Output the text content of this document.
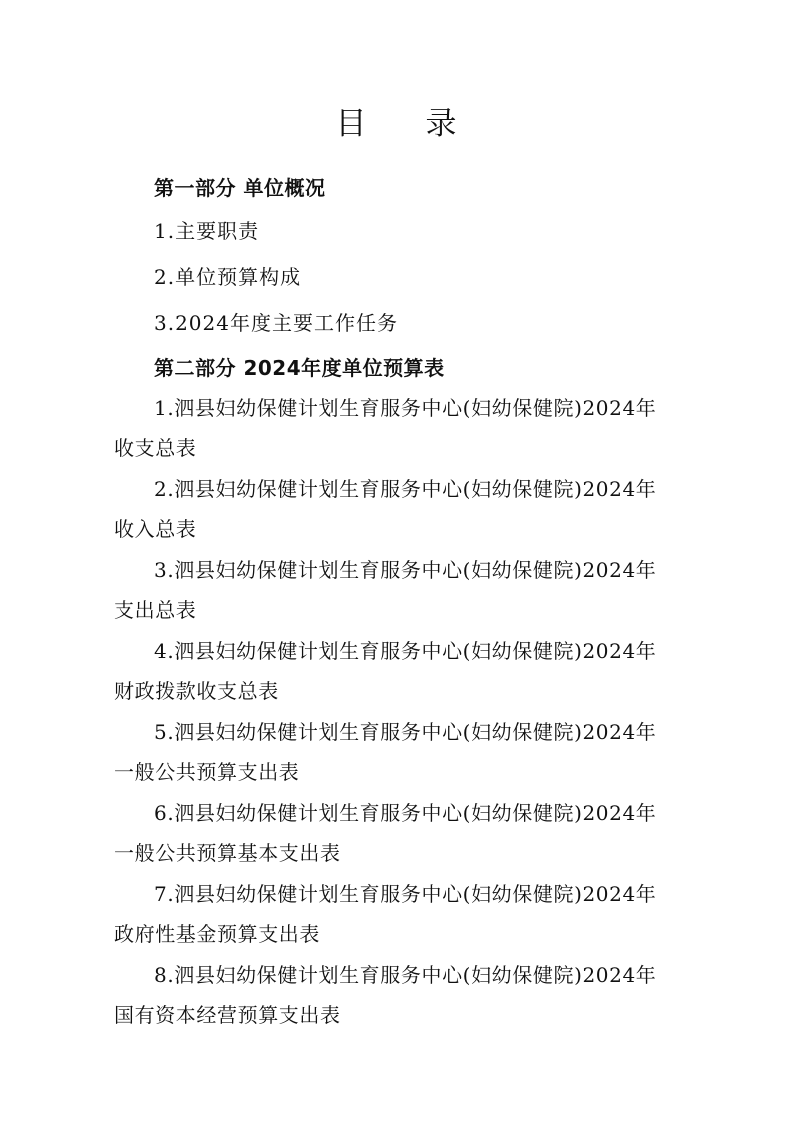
目 录
第一部分 单位概况
1.主要职责
2.单位预算构成
3.2024年度主要工作任务
第二部分 2024年度单位预算表
1.泗县妇幼保健计划生育服务中心(妇幼保健院)2024年
收支总表
2.泗县妇幼保健计划生育服务中心(妇幼保健院)2024年
收入总表
3.泗县妇幼保健计划生育服务中心(妇幼保健院)2024年
支出总表
4.泗县妇幼保健计划生育服务中心(妇幼保健院)2024年
财政拨款收支总表
5.泗县妇幼保健计划生育服务中心(妇幼保健院)2024年
一般公共预算支出表
6.泗县妇幼保健计划生育服务中心(妇幼保健院)2024年
一般公共预算基本支出表
7.泗县妇幼保健计划生育服务中心(妇幼保健院)2024年
政府性基金预算支出表
8.泗县妇幼保健计划生育服务中心(妇幼保健院)2024年
国有资本经营预算支出表
